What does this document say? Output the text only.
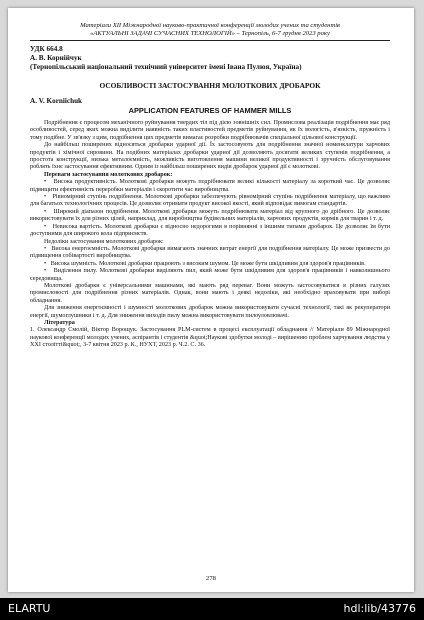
Матеріали XII Міжнародної науково-практичної конференції молодих учених та студентів
«АКТУАЛЬНІ ЗАДАЧІ СУЧАСНИХ ТЕХНОЛОГІЙ» – Тернопіль, 6-7 грудня 2023 року
УДК 664.8
А. В. Корнійчук
(Тернопільський національний технічний університет імені Івана Пулюя, Україна)
ОСОБЛИВОСТІ ЗАСТОСУВАННЯ МОЛОТКОВИХ ДРОБАРОК
A. V. Korniichuk
APPLICATION FEATURES OF HAMMER MILLS

Подрібнення є процесом механічного руйнування твердих тіл під дією зовнішніх сил. Промислова реалізація подрібнення має ряд особливостей, серед яких можна виділити наявність таких властивостей предметів руйнування, як їх вологість, в'язкість, пружність і тому подібне. У зв'язку з цим, подрібнення цих предметів вимагає розробки подрібнювачів спеціальної цільової конструкції.

До найбільш поширених відносяться дробарки ударної дії. Їх застосовують для подрібнення значної номенклатури харчових продуктів і хімічної сировини. На подібних матеріалах дробарки ударної дії дозволяють досягати великих ступенів подрібнення, а простота конструкції, низька металоємність, можливість виготовлення машини великої продуктивності і зручність обслуговування роблять їхнє застосування ефективним. Одним із найбільш поширених видів дробарок ударної дії є молоткові.

Переваги застосування молоткових дробарок:

•   Висока продуктивність. Молоткові дробарки можуть подрібнювати великі кількості матеріалу за короткий час. Це дозволяє підвищити ефективність переробки матеріалів і скоротити час виробництва.

•   Рівномірний ступінь подрібнення. Молоткові дробарки забезпечують рівномірний ступінь подрібнення матеріалу, що важливо для багатьох технологічних процесів. Це дозволяє отримати продукт високої якості, який відповідає вимогам стандартів.

•   Широкий діапазон подрібнення. Молоткові дробарки можуть подрібнювати матеріал від крупного до дрібного. Це дозволяє використовувати їх для різних цілей, наприклад, для виробництва будівельних матеріалів, харчових продуктів, кормів для тварин і т. д.

•   Невисока вартість. Молоткові дробарки є відносно недорогими в порівнянні з іншими типами дробарок. Це дозволяє їм бути доступними для широкого кола підприємств.

Недоліки застосування молоткових дробарок:

•   Висока енергоємність. Молоткові дробарки вимагають значних витрат енергії для подрібнення матеріалу. Це може призвести до підвищення собівартості виробництва.

•   Висока шумність. Молоткові дробарки працюють з високим шумом. Це може бути шкідливим для здоров'я працівників.

•   Виділення пилу. Молоткові дробарки виділяють пил, який може бути шкідливим для здоров'я працівників і навколишнього середовища.

Молоткові дробарки є універсальними машинами, які мають ряд переваг. Вони можуть застосовуватися в різних галузях промисловості для подрібнення різних матеріалів. Однак, вони мають і деякі недоліки, які необхідно враховувати при виборі обладнання.

Для зниження енергоємності і шумності молоткових дробарок можна використовувати сучасні технології, такі як рекуператори енергії, шумоглушники і т. д. Для зниження виходів пилу можна використовувати пилоуловлювачі.

Література

1. Олександр Смолій, Віктор Ворощук. Застосування PLM-систем в процесі експлуатації обладнання // Матеріали 89 Міжнародної наукової конференції молодих учених, аспірантів і студентів &quot;Наукові здобутки молоді – вирішенню проблем харчування людства у ХХІ столітті&quot;, 3-7 квітня 2023 р. К., НУХТ, 2023 р. Ч.2. С. 36.

278
ELARTU	hdl:lib/43776
